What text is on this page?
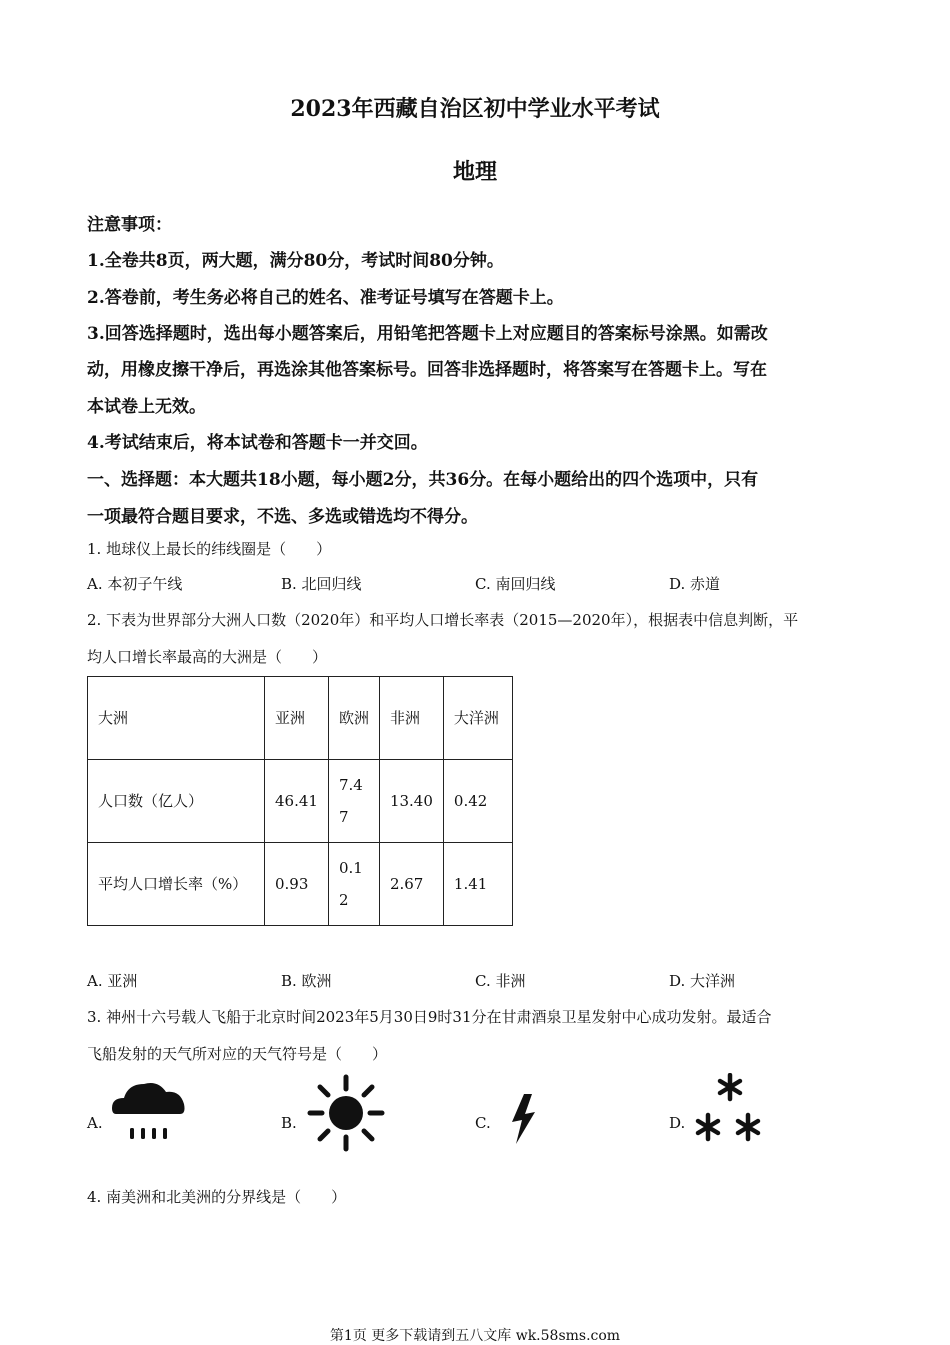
2023年西藏自治区初中学业水平考试
地理
注意事项：
1.全卷共8页，两大题，满分80分，考试时间80分钟。
2.答卷前，考生务必将自己的姓名、准考证号填写在答题卡上。
3.回答选择题时，选出每小题答案后，用铅笔把答题卡上对应题目的答案标号涂黑。如需改
动，用橡皮擦干净后，再选涂其他答案标号。回答非选择题时，将答案写在答题卡上。写在
本试卷上无效。
4.考试结束后，将本试卷和答题卡一并交回。
一、选择题：本大题共18小题，每小题2分，共36分。在每小题给出的四个选项中，只有
一项最符合题目要求，不选、多选或错选均不得分。
1. 地球仪上最长的纬线圈是（　　）
A. 本初子午线	B. 北回归线	C. 南回归线	D. 赤道
2. 下表为世界部分大洲人口数（2020年）和平均人口增长率表（2015—2020年），根据表中信息判断，平
均人口增长率最高的大洲是（　　）
大洲	亚洲	欧洲	非洲	大洋洲
人口数（亿人）	46.41	7.47	13.40	0.42
平均人口增长率（%）	0.93	0.12	2.67	1.41
A. 亚洲	B. 欧洲	C. 非洲	D. 大洋洲
3. 神州十六号载人飞船于北京时间2023年5月30日9时31分在甘肃酒泉卫星发射中心成功发射。最适合
飞船发射的天气所对应的天气符号是（　　）
A.	B.	C.	D.
4. 南美洲和北美洲的分界线是（　　）
第1页 更多下载请到五八文库 wk.58sms.com
